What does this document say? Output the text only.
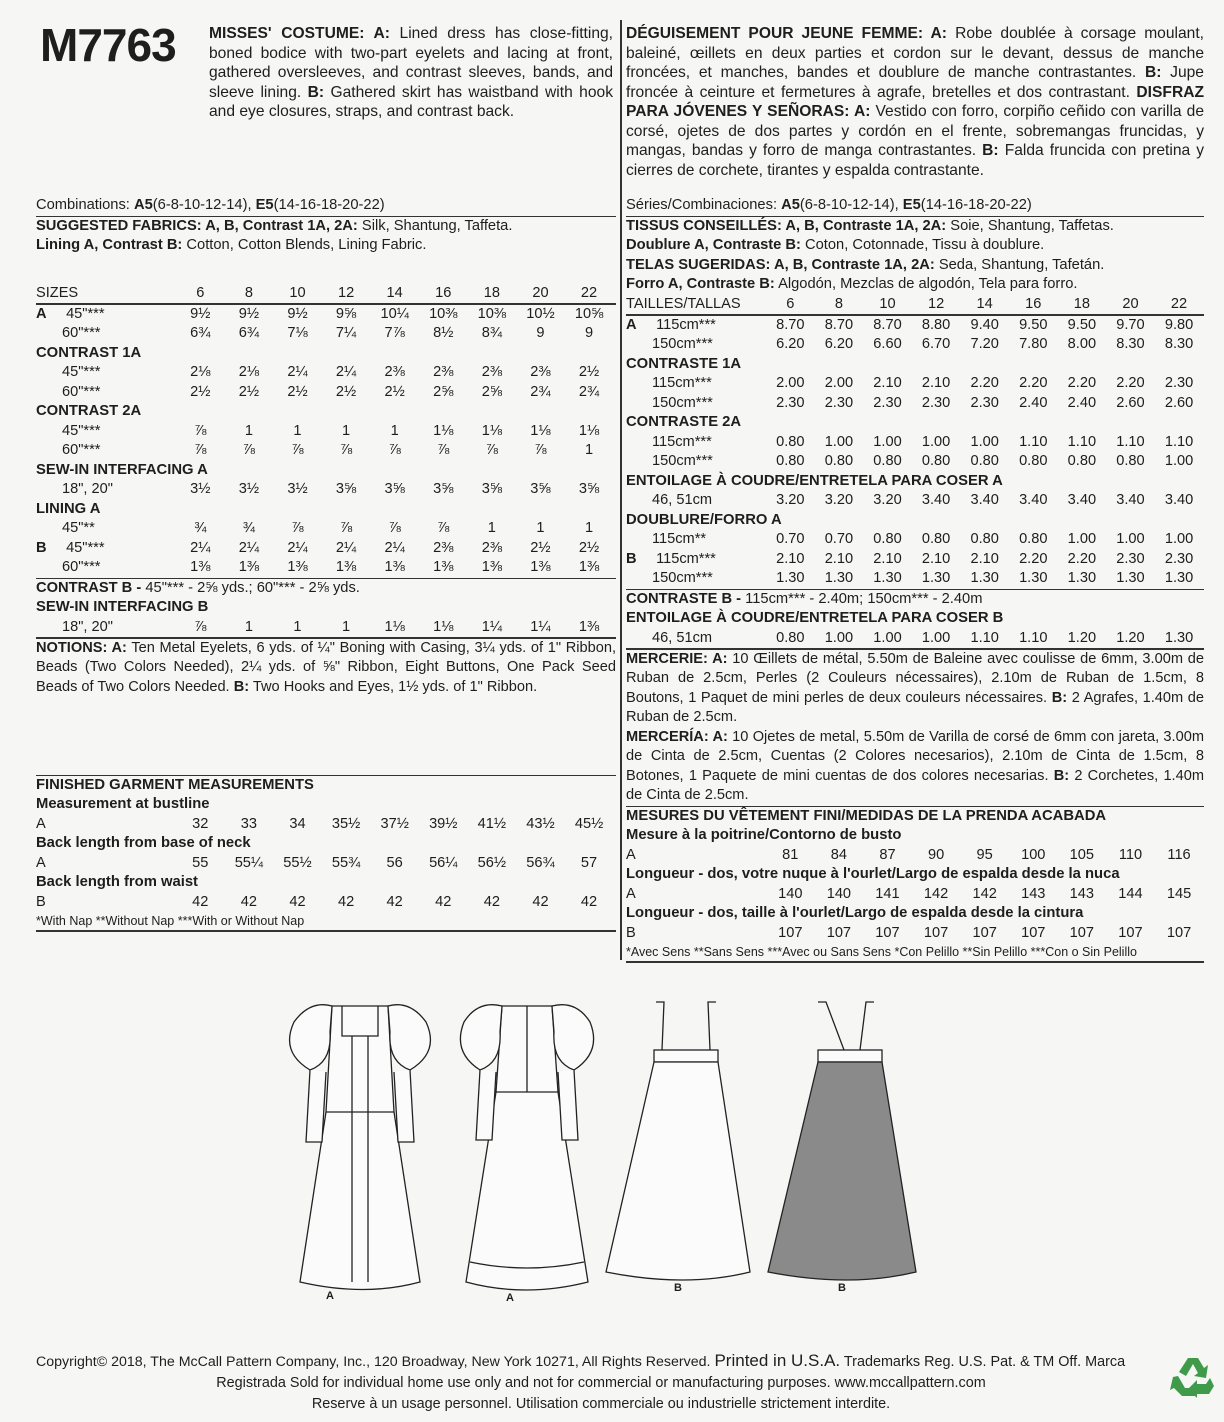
M7763 MISSES' COSTUME: A: Lined dress has close-fitting, boned bodice with two-part eyelets and lacing at front, gathered oversleeves, and contrast sleeves, bands, and sleeve lining. B: Gathered skirt has waistband with hook and eye closures, straps, and contrast back.
Combinations: A5(6-8-10-12-14), E5(14-16-18-20-22)
SUGGESTED FABRICS: A, B, Contrast 1A, 2A: Silk, Shantung, Taffeta.
Lining A, Contrast B: Cotton, Cotton Blends, Lining Fabric.
SIZES	6	8	10	12	14	16	18	20	22
A 45"***	9½	9½	9½	9⅝	10¼	10⅜	10⅜	10½	10⅝
60"***	6¾	6¾	7⅛	7¼	7⅞	8½	8¾	9	9
CONTRAST 1A
45"***	2⅛	2⅛	2¼	2¼	2⅜	2⅜	2⅜	2⅜	2½
60"***	2½	2½	2½	2½	2½	2⅝	2⅝	2¾	2¾
CONTRAST 2A
45"***	⅞	1	1	1	1	1⅛	1⅛	1⅛	1⅛
60"***	⅞	⅞	⅞	⅞	⅞	⅞	⅞	⅞	1
SEW-IN INTERFACING A
18", 20"	3½	3½	3½	3⅝	3⅝	3⅝	3⅝	3⅝	3⅝
LINING A
45"**	¾	¾	⅞	⅞	⅞	⅞	1	1	1
B 45"***	2¼	2¼	2¼	2¼	2¼	2⅜	2⅜	2½	2½
60"***	1⅜	1⅜	1⅜	1⅜	1⅜	1⅜	1⅜	1⅜	1⅜
CONTRAST B - 45"*** - 2⅝ yds.; 60"*** - 2⅝ yds.
SEW-IN INTERFACING B
18", 20"	⅞	1	1	1	1⅛	1⅛	1¼	1¼	1⅜
NOTIONS: A: Ten Metal Eyelets, 6 yds. of ¼" Boning with Casing, 3¼ yds. of 1" Ribbon, Beads (Two Colors Needed), 2¼ yds. of ⅝" Ribbon, Eight Buttons, One Pack Seed Beads of Two Colors Needed. B: Two Hooks and Eyes, 1½ yds. of 1" Ribbon.
FINISHED GARMENT MEASUREMENTS
Measurement at bustline
A	32	33	34	35½	37½	39½	41½	43½	45½
Back length from base of neck
A	55	55¼	55½	55¾	56	56¼	56½	56¾	57
Back length from waist
B	42	42	42	42	42	42	42	42	42
*With Nap **Without Nap ***With or Without Nap
DÉGUISEMENT POUR JEUNE FEMME: A: Robe doublée à corsage moulant, baleiné, œillets en deux parties et cordon sur le devant, dessus de manche froncées, et manches, bandes et doublure de manche contrastantes. B: Jupe froncée à ceinture et fermetures à agrafe, bretelles et dos contrastant. DISFRAZ PARA JÓVENES Y SEÑORAS: A: Vestido con forro, corpiño ceñido con varilla de corsé, ojetes de dos partes y cordón en el frente, sobremangas fruncidas, y mangas, bandas y forro de manga contrastantes. B: Falda fruncida con pretina y cierres de corchete, tirantes y espalda contrastante.
Séries/Combinaciones: A5(6-8-10-12-14), E5(14-16-18-20-22)
TISSUS CONSEILLÉS: A, B, Contraste 1A, 2A: Soie, Shantung, Taffetas.
Doublure A, Contraste B: Coton, Cotonnade, Tissu à doublure.
TELAS SUGERIDAS: A, B, Contraste 1A, 2A: Seda, Shantung, Tafetán.
Forro A, Contraste B: Algodón, Mezclas de algodón, Tela para forro.
TAILLES/TALLAS	6	8	10	12	14	16	18	20	22
A 115cm***	8.70	8.70	8.70	8.80	9.40	9.50	9.50	9.70	9.80
150cm***	6.20	6.20	6.60	6.70	7.20	7.80	8.00	8.30	8.30
CONTRASTE 1A
115cm***	2.00	2.00	2.10	2.10	2.20	2.20	2.20	2.20	2.30
150cm***	2.30	2.30	2.30	2.30	2.30	2.40	2.40	2.60	2.60
CONTRASTE 2A
115cm***	0.80	1.00	1.00	1.00	1.00	1.10	1.10	1.10	1.10
150cm***	0.80	0.80	0.80	0.80	0.80	0.80	0.80	0.80	1.00
ENTOILAGE À COUDRE/ENTRETELA PARA COSER A
46, 51cm	3.20	3.20	3.20	3.40	3.40	3.40	3.40	3.40	3.40
DOUBLURE/FORRO A
115cm**	0.70	0.70	0.80	0.80	0.80	0.80	1.00	1.00	1.00
B 115cm***	2.10	2.10	2.10	2.10	2.10	2.20	2.20	2.30	2.30
150cm***	1.30	1.30	1.30	1.30	1.30	1.30	1.30	1.30	1.30
CONTRASTE B - 115cm*** - 2.40m; 150cm*** - 2.40m
ENTOILAGE À COUDRE/ENTRETELA PARA COSER B
46, 51cm	0.80	1.00	1.00	1.00	1.10	1.10	1.20	1.20	1.30
MERCERIE: A: 10 Œillets de métal, 5.50m de Baleine avec coulisse de 6mm, 3.00m de Ruban de 2.5cm, Perles (2 Couleurs nécessaires), 2.10m de Ruban de 1.5cm, 8 Boutons, 1 Paquet de mini perles de deux couleurs nécessaires. B: 2 Agrafes, 1.40m de Ruban de 2.5cm.
MERCERÍA: A: 10 Ojetes de metal, 5.50m de Varilla de corsé de 6mm con jareta, 3.00m de Cinta de 2.5cm, Cuentas (2 Colores necesarios), 2.10m de Cinta de 1.5cm, 8 Botones, 1 Paquete de mini cuentas de dos colores necesarias. B: 2 Corchetes, 1.40m de Cinta de 2.5cm.
MESURES DU VÊTEMENT FINI/MEDIDAS DE LA PRENDA ACABADA
Mesure à la poitrine/Contorno de busto
A	81	84	87	90	95	100	105	110	116
Longueur - dos, votre nuque à l'ourlet/Largo de espalda desde la nuca
A	140	140	141	142	142	143	143	144	145
Longueur - dos, taille à l'ourlet/Largo de espalda desde la cintura
B	107	107	107	107	107	107	107	107	107
*Avec Sens **Sans Sens ***Avec ou Sans Sens *Con Pelillo **Sin Pelillo ***Con o Sin Pelillo
A	A
B	B
Copyright© 2018, The McCall Pattern Company, Inc., 120 Broadway, New York 10271, All Rights Reserved. Printed in U.S.A. Trademarks Reg. U.S. Pat. & TM Off. Marca
Registrada Sold for individual home use only and not for commercial or manufacturing purposes. www.mccallpattern.com
Reserve à un usage personnel. Utilisation commerciale ou industrielle strictement interdite.
